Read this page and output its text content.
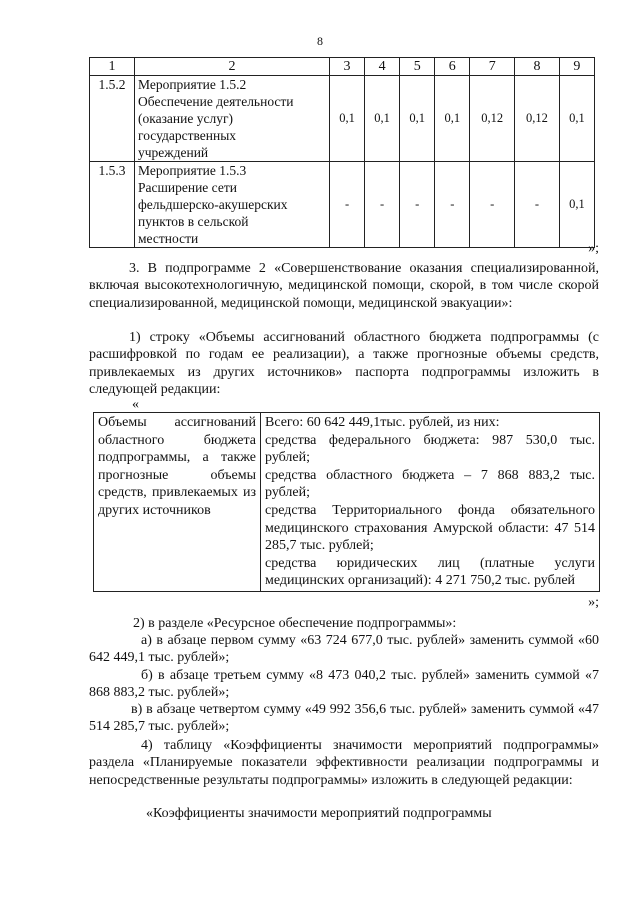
8
1	2	3	4	5	6	7	8	9
1.5.2	Мероприятие 1.5.2
Обеспечение деятельности
(оказание услуг)
государственных
учреждений	0,1	0,1	0,1	0,1	0,12	0,12	0,1
1.5.3	Мероприятие 1.5.3
Расширение сети
фельдшерско-акушерских
пунктов в сельской
местности	-	-	-	-	-	-	0,1
»;
3. В подпрограмме 2 «Совершенствование оказания специализированной, включая высокотехнологичную, медицинской помощи, скорой, в том числе скорой специализированной, медицинской помощи, медицинской эвакуации»:
1) строку «Объемы ассигнований областного бюджета подпрограммы (с расшифровкой по годам ее реализации), а также прогнозные объемы средств, привлекаемых из других источников» паспорта подпрограммы изложить в следующей редакции:
«
Объемы ассигнований областного бюджета подпрограммы, а также прогнозные объемы средств, привлекаемых из других источников	
Всего: 60 642 449,1тыс. рублей, из них:
средства федерального бюджета: 987 530,0 тыс. рублей;
средства областного бюджета – 7 868 883,2 тыс. рублей;
средства Территориального фонда обязательного медицинского страхования Амурской области: 47 514 285,7 тыс. рублей;
средства юридических лиц (платные услуги медицинских организаций): 4 271 750,2 тыс. рублей
»;
2) в разделе «Ресурсное обеспечение подпрограммы»:
а) в абзаце первом сумму «63 724 677,0 тыс. рублей» заменить суммой «60 642 449,1 тыс. рублей»;
б) в абзаце третьем сумму «8 473 040,2 тыс. рублей» заменить суммой «7 868 883,2 тыс. рублей»;
в) в абзаце четвертом сумму «49 992 356,6 тыс. рублей» заменить суммой «47 514 285,7 тыс. рублей»;
4) таблицу «Коэффициенты значимости мероприятий подпрограммы» раздела «Планируемые показатели эффективности реализации подпрограммы и непосредственные результаты подпрограммы» изложить в следующей редакции:
«Коэффициенты значимости мероприятий подпрограммы
